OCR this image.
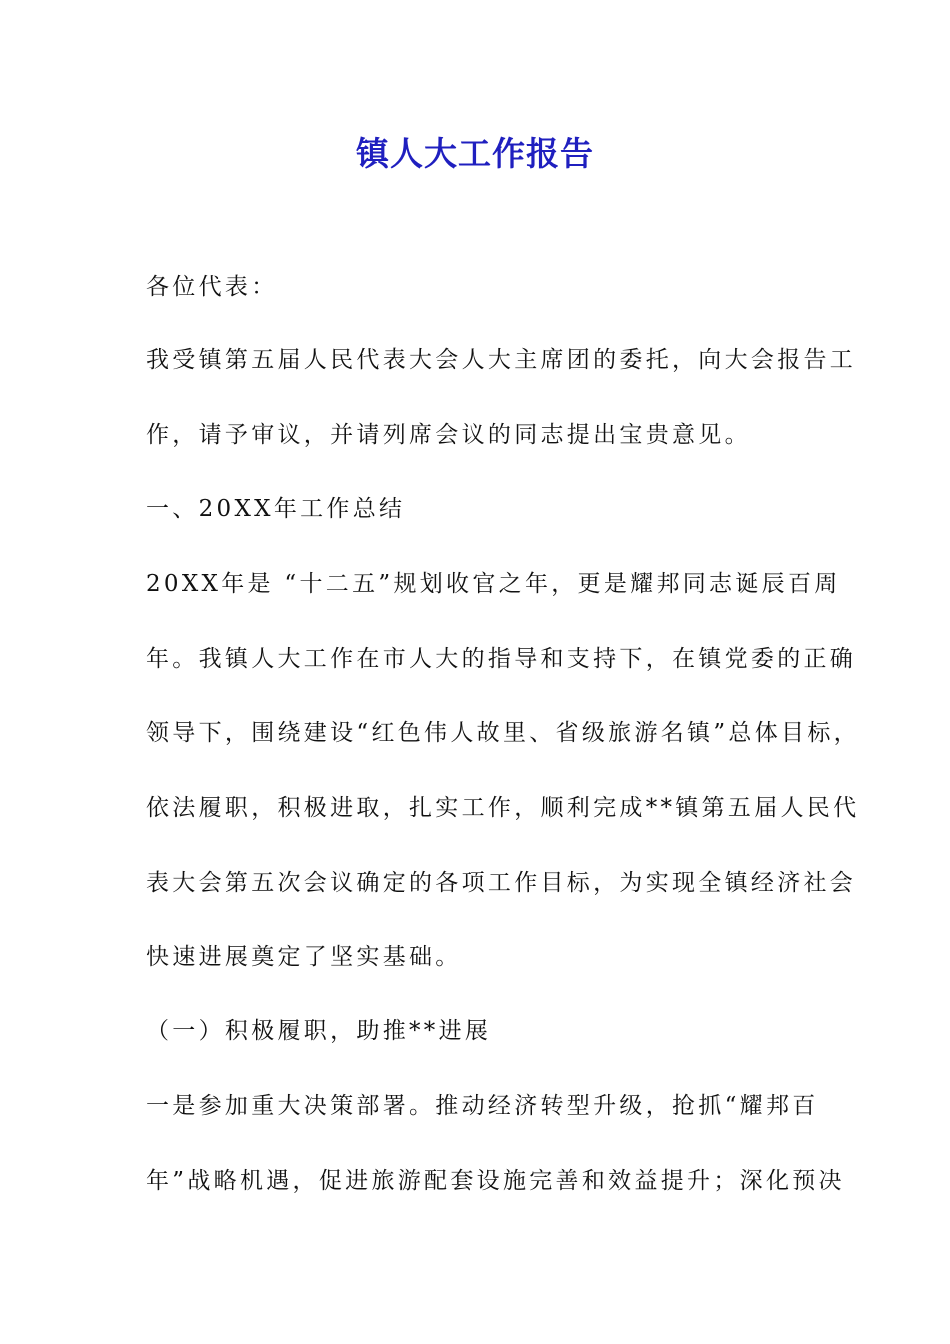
镇人大工作报告

各位代表：

我受镇第五届人民代表大会人大主席团的委托，向大会报告工

作，请予审议，并请列席会议的同志提出宝贵意见。

一、20XX年工作总结

20XX年是 “十二五”规划收官之年，更是耀邦同志诞辰百周

年。我镇人大工作在市人大的指导和支持下，在镇党委的正确

领导下，围绕建设“红色伟人故里、省级旅游名镇”总体目标，

依法履职，积极进取，扎实工作，顺利完成**镇第五届人民代

表大会第五次会议确定的各项工作目标，为实现全镇经济社会

快速进展奠定了坚实基础。

（一）积极履职，助推**进展

一是参加重大决策部署。推动经济转型升级，抢抓“耀邦百

年”战略机遇，促进旅游配套设施完善和效益提升；深化预决
